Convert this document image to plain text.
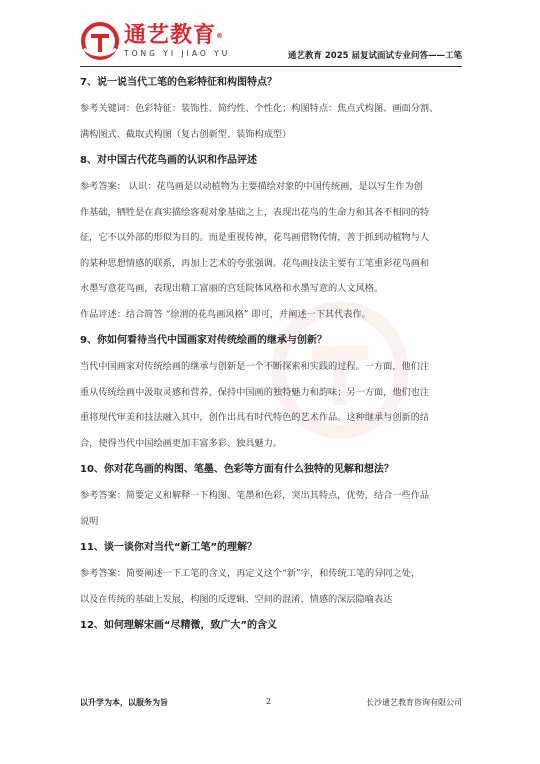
通艺教育®
TONG YI JIAO YU	通艺教育 2025 届复试面试专业问答——工笔

7、说一说当代工笔的色彩特征和构图特点？

参考关键词：色彩特征：装饰性、简约性、个性化；构图特点：焦点式构图、画面分割、

满构图式、截取式构图（复古创新型、装饰构成型）

8、对中国古代花鸟画的认识和作品评述

参考答案： 认识：花鸟画是以动植物为主要描绘对象的中国传统画，是以写生作为创

作基础，牺牲是在真实描绘客观对象基础之上，表现出花鸟的生命力和其各不相同的特

征，它不以外部的形似为目的。而是重视传神，花鸟画借物传情，善于抓到动植物与人

的某种思想情感的联系，再加上艺术的夸张强调。花鸟画技法主要有工笔重彩花鸟画和

水墨写意花鸟画，表现出精工富丽的宫廷院体风格和水墨写意的人文风格。

作品评述：结合简答 “徐渭的花鸟画风格” 即可，并阐述一下其代表作。

9、你如何看待当代中国画家对传统绘画的继承与创新？

当代中国画家对传统绘画的继承与创新是一个不断探索和实践的过程。一方面，他们注

重从传统绘画中汲取灵感和营养，保持中国画的独特魅力和韵味；另一方面，他们也注

重将现代审美和技法融入其中，创作出具有时代特色的艺术作品。这种继承与创新的结

合，使得当代中国绘画更加丰富多彩、独具魅力。

10、你对花鸟画的构图、笔墨、色彩等方面有什么独特的见解和想法？

参考答案：简要定义和解释一下构图、笔墨和色彩，突出其特点，优势，结合一些作品

说明

11、谈一谈你对当代“新工笔”的理解？

参考答案：简要阐述一下工笔的含义，再定义这个“新”字，和传统工笔的异同之处，

以及在传统的基础上发展，构图的反逻辑、空间的混淆、情感的深层隐喻表达

12、如何理解宋画“尽精微，致广大”的含义

以升学为本，以服务为旨	2	长沙通艺教育咨询有限公司
